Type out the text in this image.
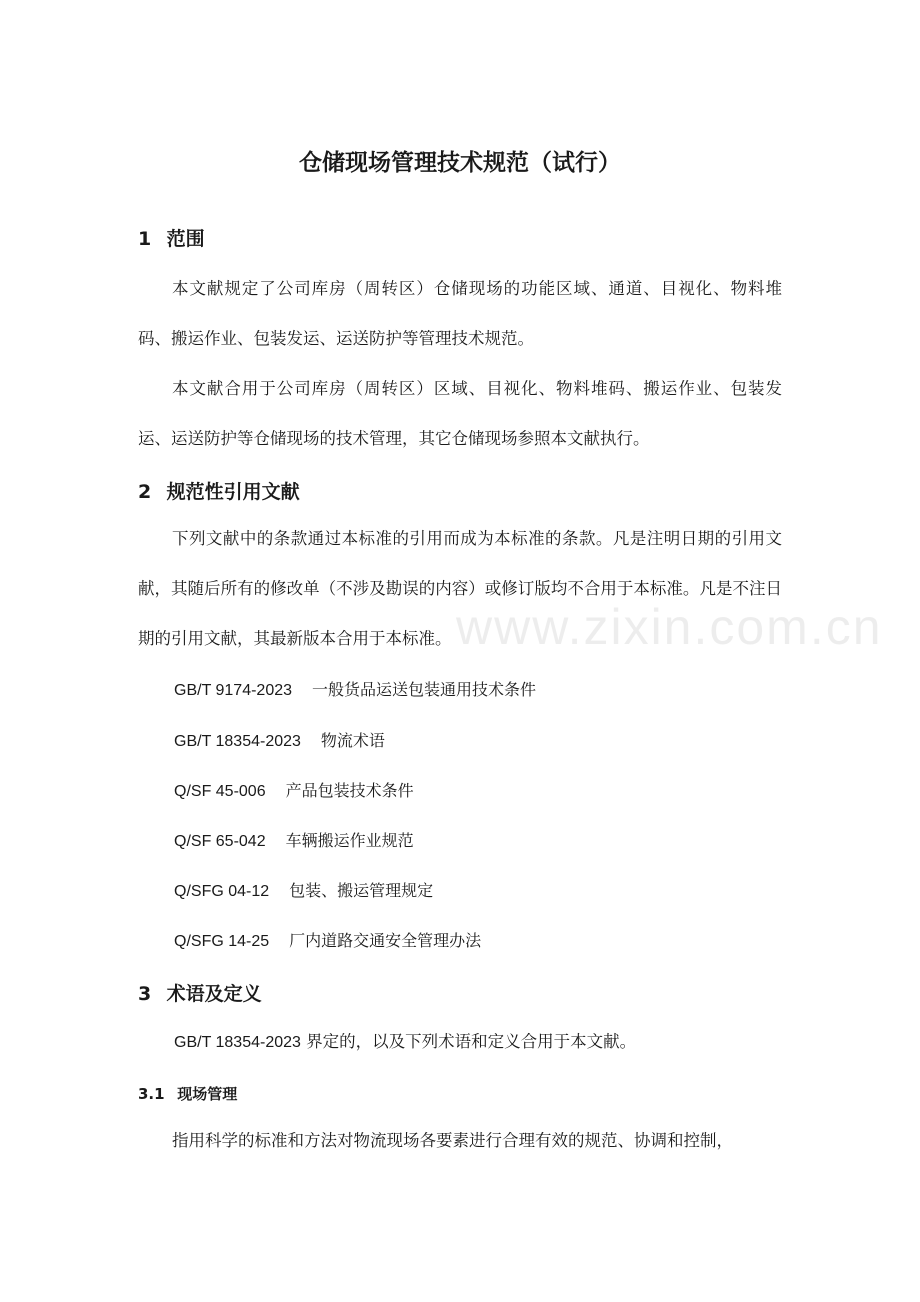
仓储现场管理技术规范（试行）
1 范围

本文献规定了公司库房（周转区）仓储现场的功能区域、通道、目视化、物料堆码、搬运作业、包装发运、运送防护等管理技术规范。

本文献合用于公司库房（周转区）区域、目视化、物料堆码、搬运作业、包装发运、运送防护等仓储现场的技术管理，其它仓储现场参照本文献执行。

2 规范性引用文献

下列文献中的条款通过本标准的引用而成为本标准的条款。凡是注明日期的引用文献，其随后所有的修改单（不涉及勘误的内容）或修订版均不合用于本标准。凡是不注日期的引用文献，其最新版本合用于本标准。

GB/T 9174-2023 一般货品运送包装通用技术条件
GB/T 18354-2023 物流术语
Q/SF 45-006 产品包装技术条件
Q/SF 65-042 车辆搬运作业规范
Q/SFG 04-12 包装、搬运管理规定
Q/SFG 14-25 厂内道路交通安全管理办法
3 术语及定义

GB/T 18354-2023 界定的，以及下列术语和定义合用于本文献。

3.1 现场管理

指用科学的标准和方法对物流现场各要素进行合理有效的规范、协调和控制，

www.zixin.com.cn
